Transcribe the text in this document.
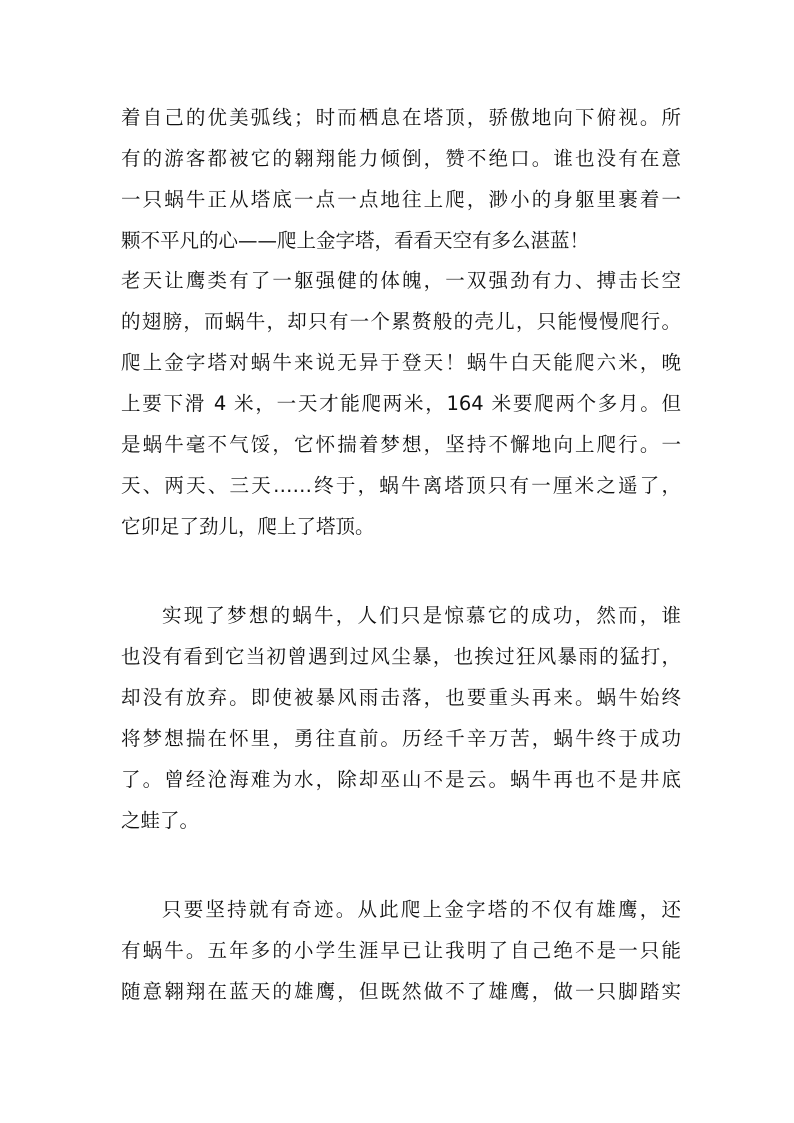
着自己的优美弧线；时而栖息在塔顶，骄傲地向下俯视。所
有的游客都被它的翱翔能力倾倒，赞不绝口。谁也没有在意
一只蜗牛正从塔底一点一点地往上爬，渺小的身躯里裹着一
颗不平凡的心——爬上金字塔，看看天空有多么湛蓝！
老天让鹰类有了一躯强健的体魄，一双强劲有力、搏击长空
的翅膀，而蜗牛，却只有一个累赘般的壳儿，只能慢慢爬行。
爬上金字塔对蜗牛来说无异于登天！蜗牛白天能爬六米，晚
上要下滑 4 米，一天才能爬两米，164 米要爬两个多月。但
是蜗牛毫不气馁，它怀揣着梦想，坚持不懈地向上爬行。一
天、两天、三天……终于，蜗牛离塔顶只有一厘米之遥了，
它卯足了劲儿，爬上了塔顶。
实现了梦想的蜗牛，人们只是惊慕它的成功，然而，谁
也没有看到它当初曾遇到过风尘暴，也挨过狂风暴雨的猛打，
却没有放弃。即使被暴风雨击落，也要重头再来。蜗牛始终
将梦想揣在怀里，勇往直前。历经千辛万苦，蜗牛终于成功
了。曾经沧海难为水，除却巫山不是云。蜗牛再也不是井底
之蛙了。
只要坚持就有奇迹。从此爬上金字塔的不仅有雄鹰，还
有蜗牛。五年多的小学生涯早已让我明了自己绝不是一只能
随意翱翔在蓝天的雄鹰，但既然做不了雄鹰，做一只脚踏实
